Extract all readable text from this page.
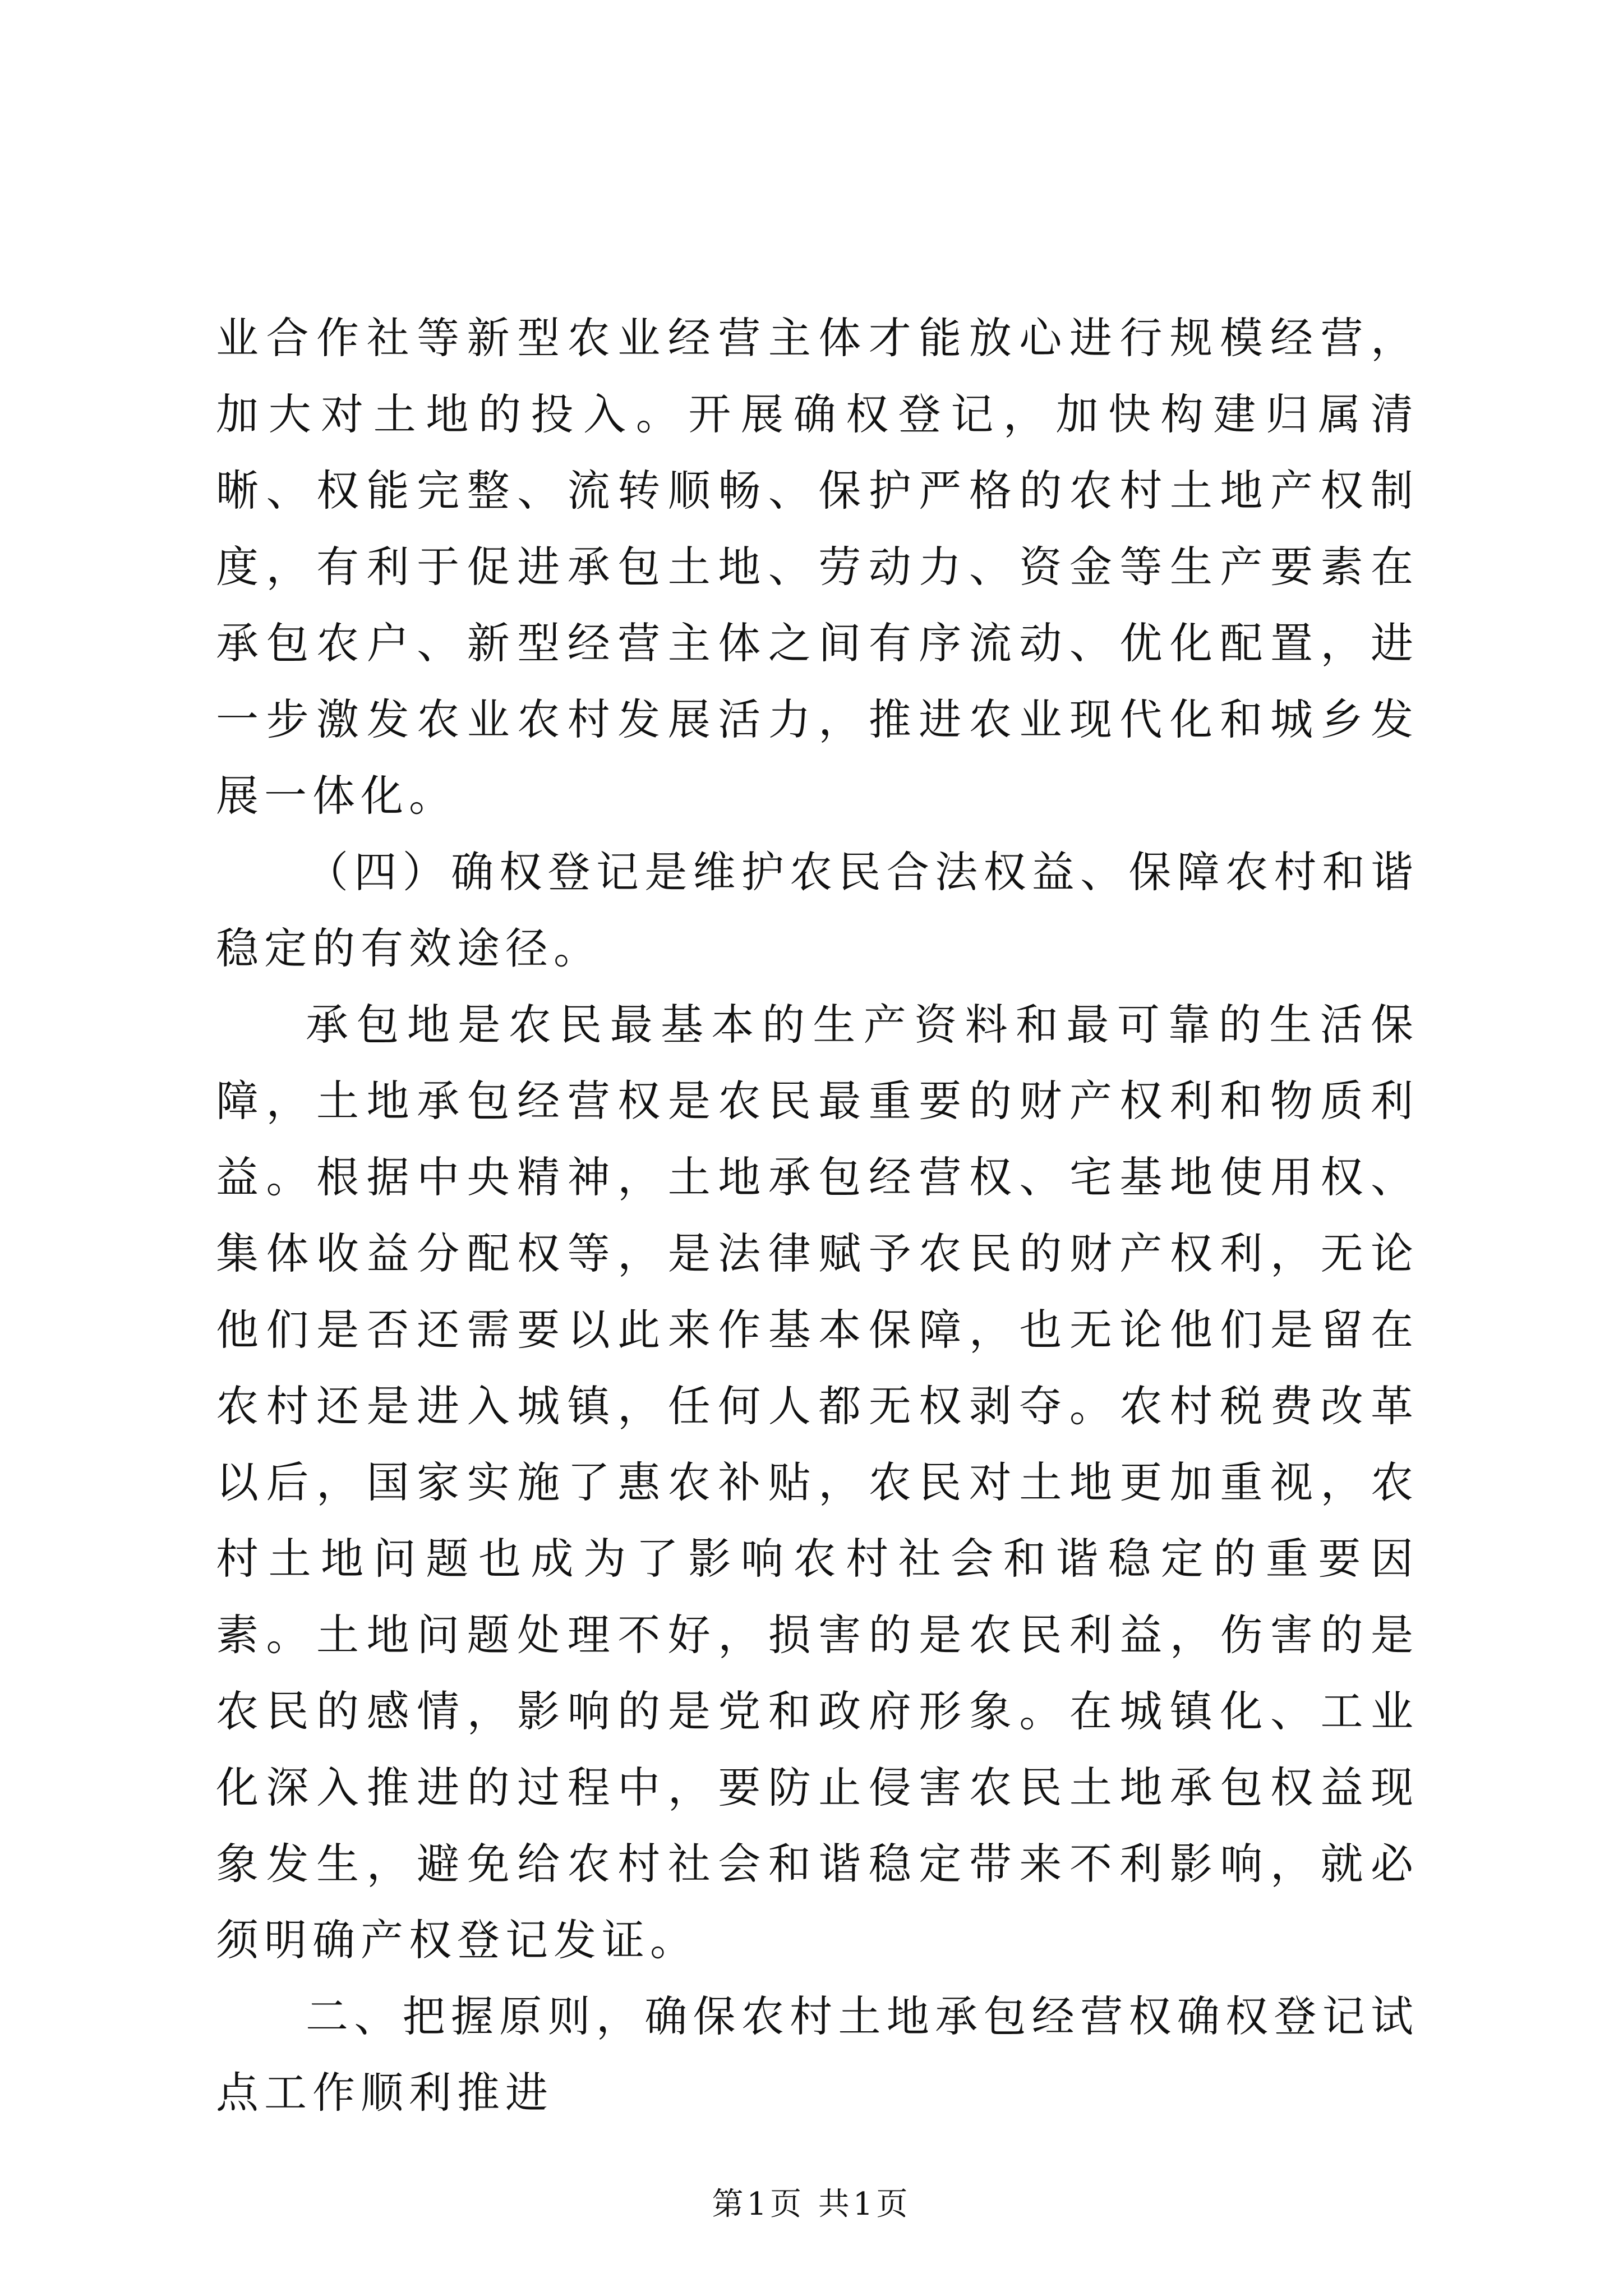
业合作社等新型农业经营主体才能放心进行规模经营，加大对土地的投入。开展确权登记，加快构建归属清晰、权能完整、流转顺畅、保护严格的农村土地产权制度，有利于促进承包土地、劳动力、资金等生产要素在承包农户、新型经营主体之间有序流动、优化配置，进一步激发农业农村发展活力，推进农业现代化和城乡发展一体化。

（四）确权登记是维护农民合法权益、保障农村和谐稳定的有效途径。

承包地是农民最基本的生产资料和最可靠的生活保障，土地承包经营权是农民最重要的财产权利和物质利益。根据中央精神，土地承包经营权、宅基地使用权、集体收益分配权等，是法律赋予农民的财产权利，无论他们是否还需要以此来作基本保障，也无论他们是留在农村还是进入城镇，任何人都无权剥夺。农村税费改革以后，国家实施了惠农补贴，农民对土地更加重视，农村土地问题也成为了影响农村社会和谐稳定的重要因素。土地问题处理不好，损害的是农民利益，伤害的是农民的感情，影响的是党和政府形象。在城镇化、工业化深入推进的过程中，要防止侵害农民土地承包权益现象发生，避免给农村社会和谐稳定带来不利影响，就必须明确产权登记发证。

二、把握原则，确保农村土地承包经营权确权登记试点工作顺利推进

第1页 共1页
